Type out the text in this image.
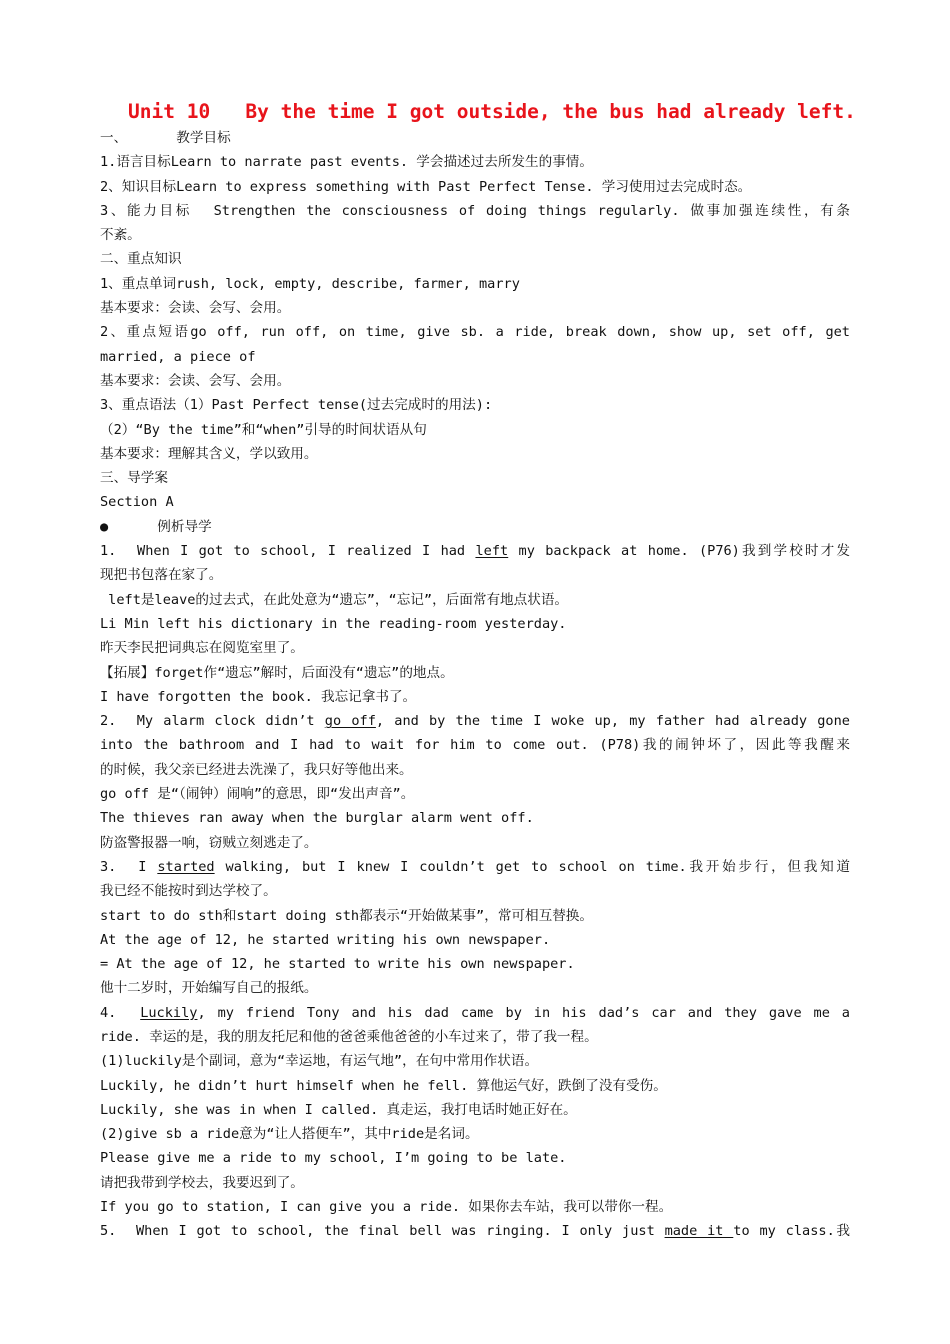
Unit 10   By the time I got outside, the bus had already left.
一、      教学目标
1.语言目标Learn to narrate past events. 学会描述过去所发生的事情。
2、知识目标Learn to express something with Past Perfect Tense. 学习使用过去完成时态。
3、能力目标  Strengthen the consciousness of doing things regularly. 做事加强连续性，有条
不紊。
二、重点知识
1、重点单词rush, lock, empty, describe, farmer, marry
基本要求：会读、会写、会用。
2、重点短语go off, run off, on time, give sb. a ride, break down, show up, set off, get
married, a piece of
基本要求：会读、会写、会用。
3、重点语法（1）Past Perfect tense(过去完成时的用法):
（2）“By the time”和“when”引导的时间状语从句
基本要求：理解其含义，学以致用。
三、导学案
Section A
●      例析导学
1.  When I got to school, I realized I had left my backpack at home. (P76)我到学校时才发
现把书包落在家了。
left是leave的过去式，在此处意为“遗忘”，“忘记”，后面常有地点状语。
Li Min left his dictionary in the reading-room yesterday.
昨天李民把词典忘在阅览室里了。
【拓展】forget作“遗忘”解时，后面没有“遗忘”的地点。
I have forgotten the book. 我忘记拿书了。
2.  My alarm clock didn’t go off, and by the time I woke up, my father had already gone
into the bathroom and I had to wait for him to come out. (P78)我的闹钟坏了，因此等我醒来
的时候，我父亲已经进去洗澡了，我只好等他出来。
go off 是“（闹钟）闹响”的意思，即“发出声音”。
The thieves ran away when the burglar alarm went off.
防盗警报器一响，窃贼立刻逃走了。
3.  I started walking, but I knew I couldn’t get to school on time.我开始步行，但我知道
我已经不能按时到达学校了。
start to do sth和start doing sth都表示“开始做某事”，常可相互替换。
At the age of 12, he started writing his own newspaper.
= At the age of 12, he started to write his own newspaper.
他十二岁时，开始编写自己的报纸。
4.  Luckily, my friend Tony and his dad came by in his dad’s car and they gave me a
ride. 幸运的是，我的朋友托尼和他的爸爸乘他爸爸的小车过来了，带了我一程。
(1)luckily是个副词，意为“幸运地，有运气地”，在句中常用作状语。
Luckily, he didn’t hurt himself when he fell. 算他运气好，跌倒了没有受伤。
Luckily, she was in when I called. 真走运，我打电话时她正好在。
(2)give sb a ride意为“让人搭便车”，其中ride是名词。
Please give me a ride to my school, I’m going to be late.
请把我带到学校去，我要迟到了。
If you go to station, I can give you a ride. 如果你去车站，我可以带你一程。
5.  When I got to school, the final bell was ringing. I only just made it to my class.我
